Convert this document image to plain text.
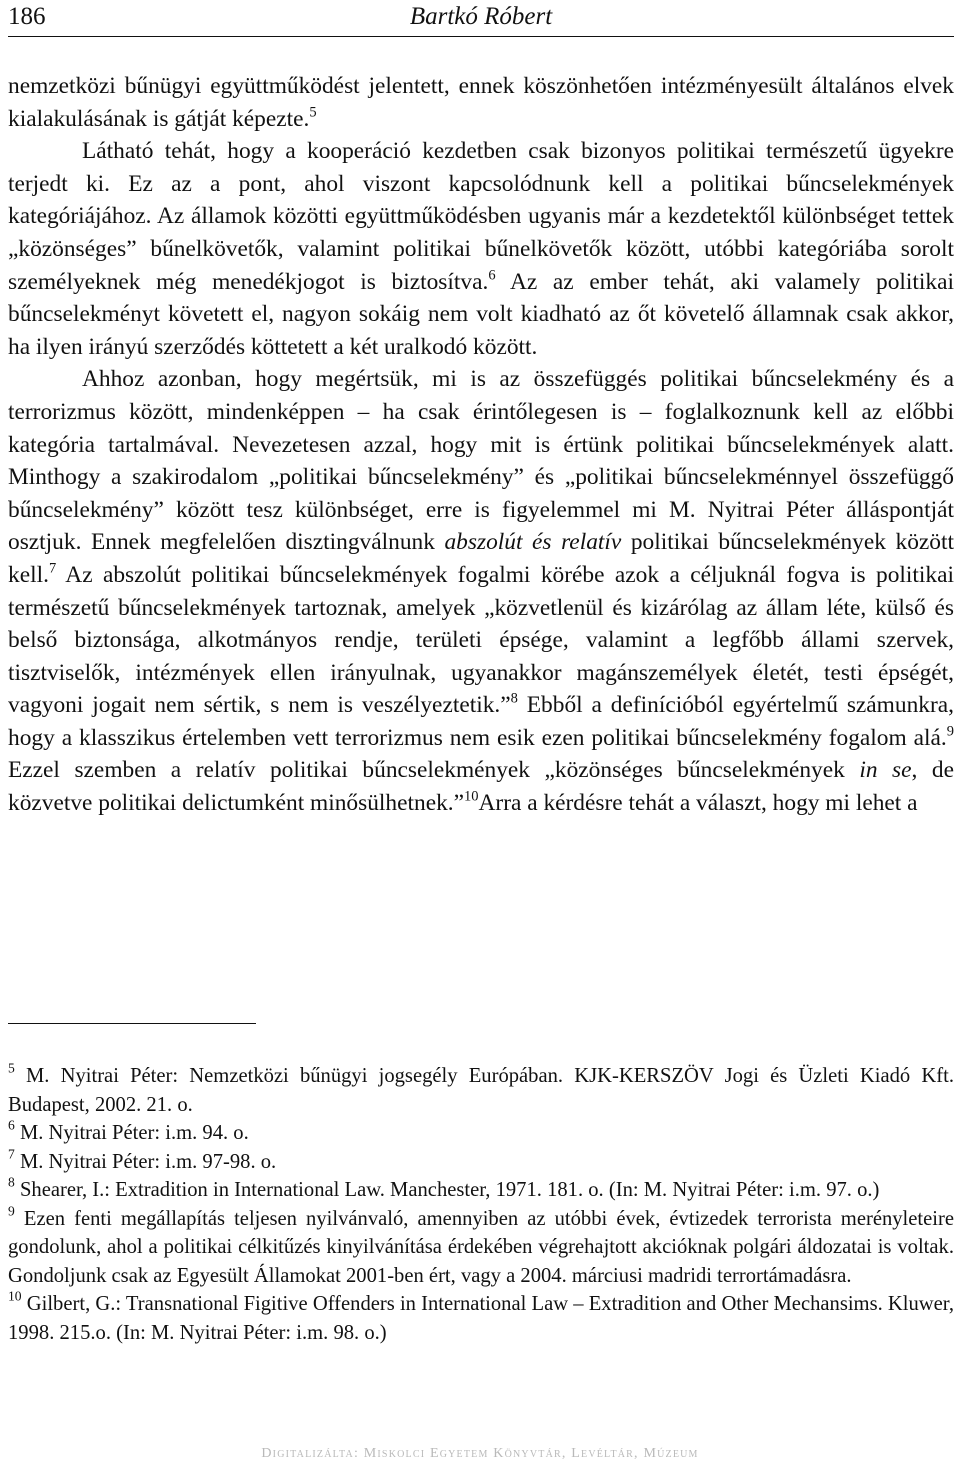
186	Bartkó Róbert

nemzetközi bűnügyi együttműködést jelentett, ennek köszönhetően intézményesült általános elvek kialakulásának is gátját képezte.$^5$

Látható tehát, hogy a kooperáció kezdetben csak bizonyos politikai természetű ügyekre terjedt ki. Ez az a pont, ahol viszont kapcsolódnunk kell a politikai bűncselekmények kategóriájához. Az államok közötti együttműködésben ugyanis már a kezdetektől különbséget tettek „közönséges” bűnelkövetők, valamint politikai bűnelkövetők között, utóbbi kategóriába sorolt személyeknek még menedékjogot is biztosítva.$^6$ Az az ember tehát, aki valamely politikai bűncselekményt követett el, nagyon sokáig nem volt kiadható az őt követelő államnak csak akkor, ha ilyen irányú szerződés köttetett a két uralkodó között.

Ahhoz azonban, hogy megértsük, mi is az összefüggés politikai bűncselekmény és a terrorizmus között, mindenképpen – ha csak érintőlegesen is – foglalkoznunk kell az előbbi kategória tartalmával. Nevezetesen azzal, hogy mit is értünk politikai bűncselekmények alatt. Minthogy a szakirodalom „politikai bűncselekmény” és „politikai bűncselekménnyel összefüggő bűncselekmény” között tesz különbséget, erre is figyelemmel mi M. Nyitrai Péter álláspontját osztjuk. Ennek megfelelően disztingválnunk abszolút és relatív politikai bűncselekmények között kell.$^7$ Az abszolút politikai bűncselekmények fogalmi körébe azok a céljuknál fogva is politikai természetű bűncselekmények tartoznak, amelyek „közvetlenül és kizárólag az állam léte, külső és belső biztonsága, alkotmányos rendje, területi épsége, valamint a legfőbb állami szervek, tisztviselők, intézmények ellen irányulnak, ugyanakkor magánszemélyek életét, testi épségét, vagyoni jogait nem sértik, s nem is veszélyeztetik.”$^8$ Ebből a definícióból egyértelmű számunkra, hogy a klasszikus értelemben vett terrorizmus nem esik ezen politikai bűncselekmény fogalom alá.$^9$ Ezzel szemben a relatív politikai bűncselekmények „közönséges bűncselekmények in se, de közvetve politikai delictumként minősülhetnek.”$^{10}$Arra a kérdésre tehát a választ, hogy mi lehet a

$^5$ M. Nyitrai Péter: Nemzetközi bűnügyi jogsegély Európában. KJK-KERSZÖV Jogi és Üzleti Kiadó Kft. Budapest, 2002. 21. o.

$^6$ M. Nyitrai Péter: i.m. 94. o.

$^7$ M. Nyitrai Péter: i.m. 97-98. o.

$^8$ Shearer, I.: Extradition in International Law. Manchester, 1971. 181. o. (In: M. Nyitrai Péter: i.m. 97. o.)

$^9$ Ezen fenti megállapítás teljesen nyilvánvaló, amennyiben az utóbbi évek, évtizedek terrorista merényleteire gondolunk, ahol a politikai célkitűzés kinyilvánítása érdekében végrehajtott akcióknak polgári áldozatai is voltak. Gondoljunk csak az Egyesült Államokat 2001-ben ért, vagy a 2004. márciusi madridi terrortámadásra.

$^{10}$ Gilbert, G.: Transnational Figitive Offenders in International Law – Extradition and Other Mechansims. Kluwer, 1998. 215.o. (In: M. Nyitrai Péter: i.m. 98. o.)

Digitalizálta: Miskolci Egyetem Könyvtár, Levéltár, Múzeum
